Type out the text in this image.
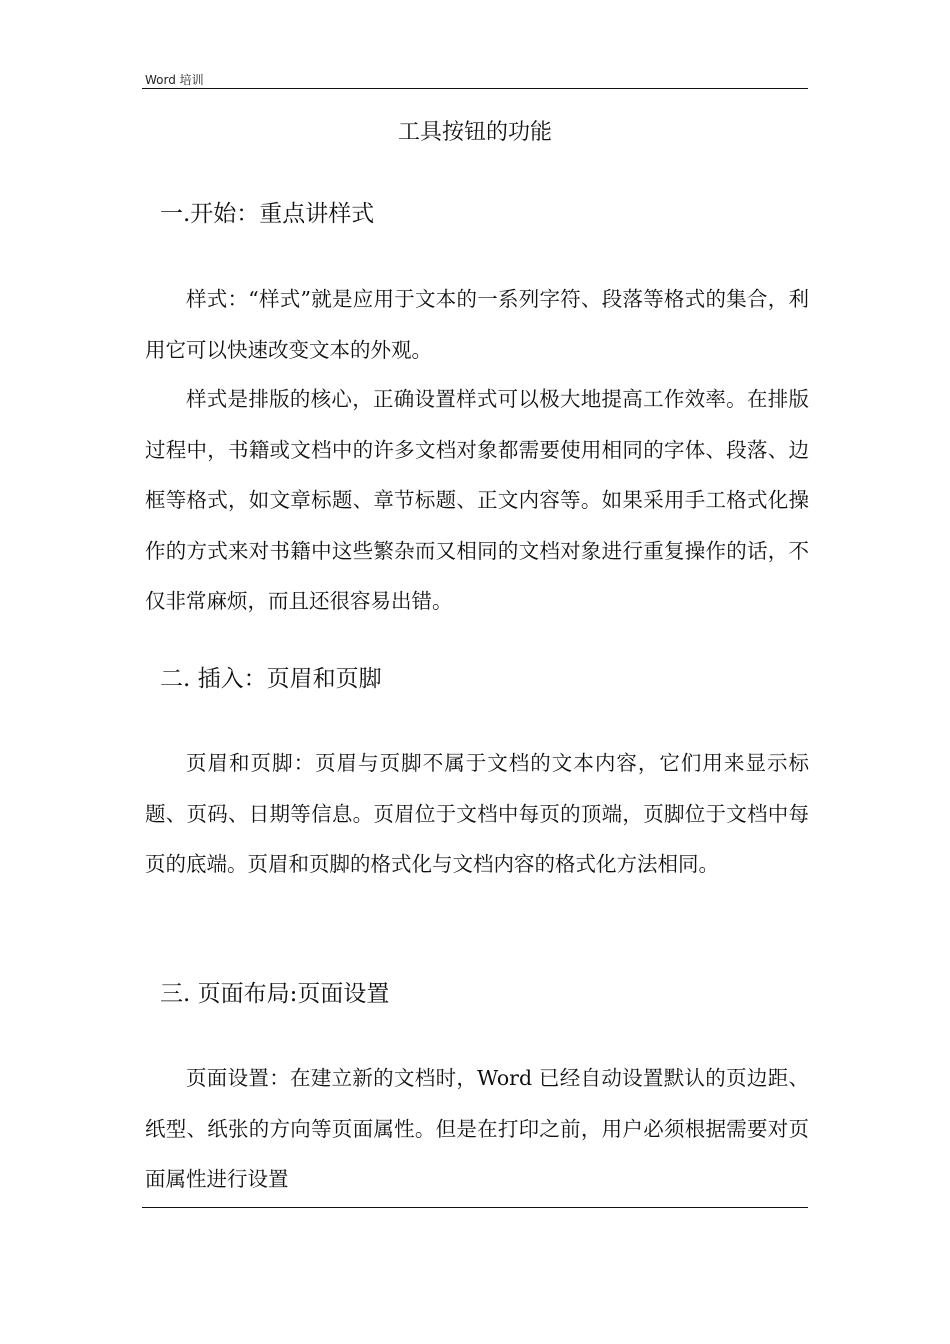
Word 培训
工具按钮的功能
一.开始：重点讲样式

样式：“样式”就是应用于文本的一系列字符、段落等格式的集合，利用它可以快速改变文本的外观。

样式是排版的核心，正确设置样式可以极大地提高工作效率。在排版过程中，书籍或文档中的许多文档对象都需要使用相同的字体、段落、边框等格式，如文章标题、章节标题、正文内容等。如果采用手工格式化操作的方式来对书籍中这些繁杂而又相同的文档对象进行重复操作的话，不仅非常麻烦，而且还很容易出错。

二. 插入：页眉和页脚

页眉和页脚：页眉与页脚不属于文档的文本内容，它们用来显示标题、页码、日期等信息。页眉位于文档中每页的顶端，页脚位于文档中每页的底端。页眉和页脚的格式化与文档内容的格式化方法相同。

三. 页面布局:页面设置

页面设置：在建立新的文档时，Word 已经自动设置默认的页边距、纸型、纸张的方向等页面属性。但是在打印之前，用户必须根据需要对页面属性进行设置
